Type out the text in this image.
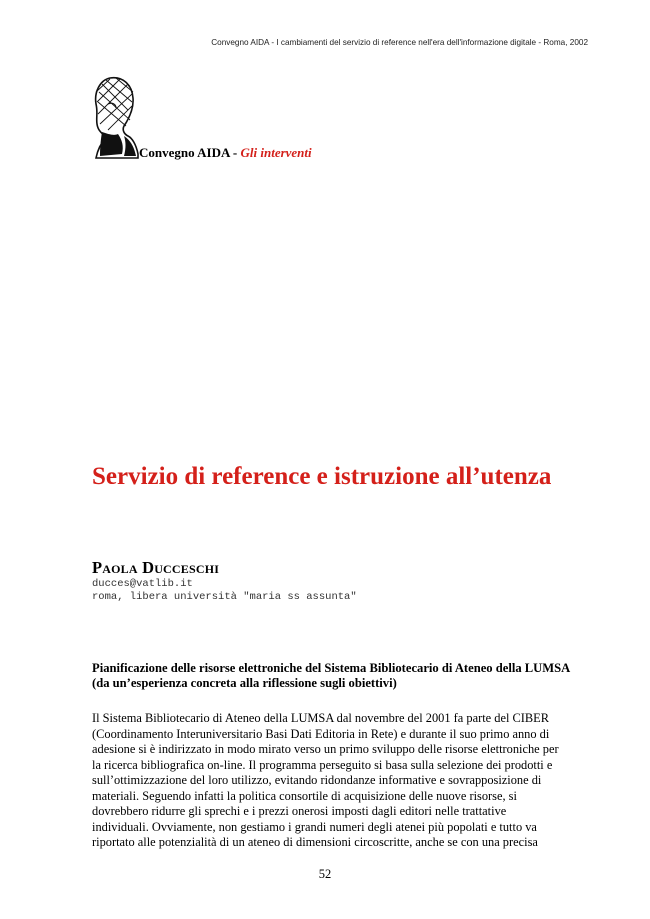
Convegno AIDA - I cambiamenti del servizio di reference nell'era dell'informazione digitale - Roma, 2002
Convegno AIDA - Gli interventi
Servizio di reference e istruzione all’utenza
Paola Ducceschi
ducces@vatlib.it
roma, libera università "maria ss assunta"
Pianificazione delle risorse elettroniche del Sistema Bibliotecario di Ateneo della LUMSA (da un’esperienza concreta alla riflessione sugli obiettivi)
Il Sistema Bibliotecario di Ateneo della LUMSA dal novembre del 2001 fa parte del CIBER
(Coordinamento Interuniversitario Basi Dati Editoria in Rete) e durante il suo primo anno di
adesione si è indirizzato in modo mirato verso un primo sviluppo delle risorse elettroniche per
la ricerca bibliografica on-line. Il programma perseguito si basa sulla selezione dei prodotti e
sull’ottimizzazione del loro utilizzo, evitando ridondanze informative e sovrapposizione di
materiali. Seguendo infatti la politica consortile di acquisizione delle nuove risorse, si
dovrebbero ridurre gli sprechi e i prezzi onerosi imposti dagli editori nelle trattative
individuali. Ovviamente, non gestiamo i grandi numeri degli atenei più popolati e tutto va
riportato alle potenzialità di un ateneo di dimensioni circoscritte, anche se con una precisa
52
